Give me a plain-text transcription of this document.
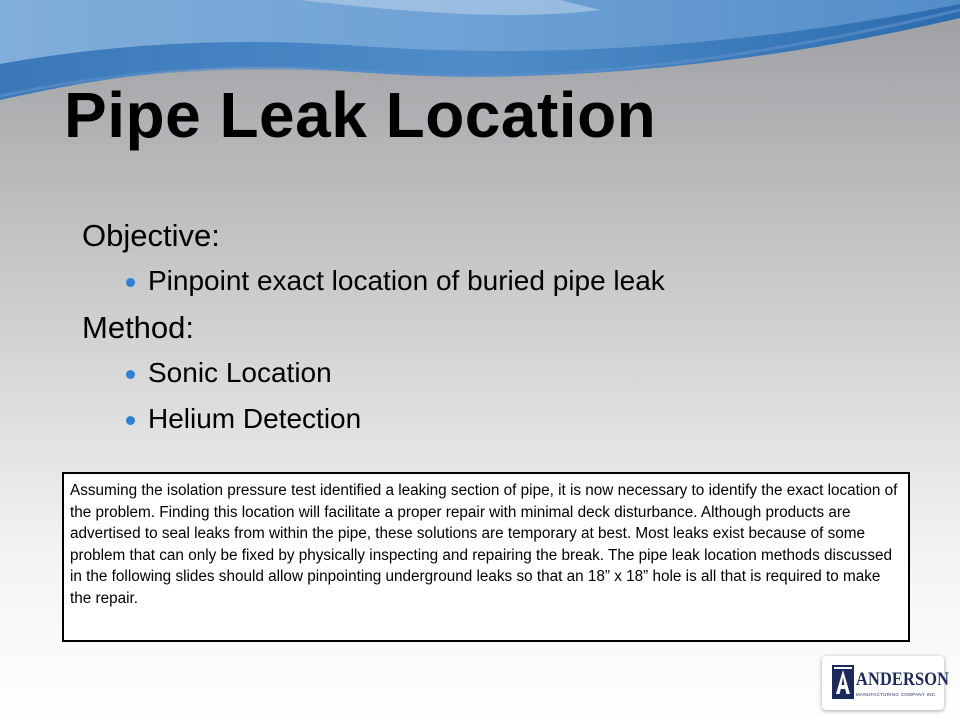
Pipe Leak Location

Objective:

Pinpoint exact location of buried pipe leak

Method:

Sonic Location
Helium Detection
Assuming the isolation pressure test identified a leaking section of pipe, it is now necessary to identify the exact location of the problem. Finding this location will facilitate a proper repair with minimal deck disturbance. Although products are advertised to seal leaks from within the pipe, these solutions are temporary at best. Most leaks exist because of some problem that can only be fixed by physically inspecting and repairing the break. The pipe leak location methods discussed in the following slides should allow pinpointing underground leaks so that an 18” x 18” hole is all that is required to make the repair.
ANDERSON
MANUFACTURING COMPANY INC.
